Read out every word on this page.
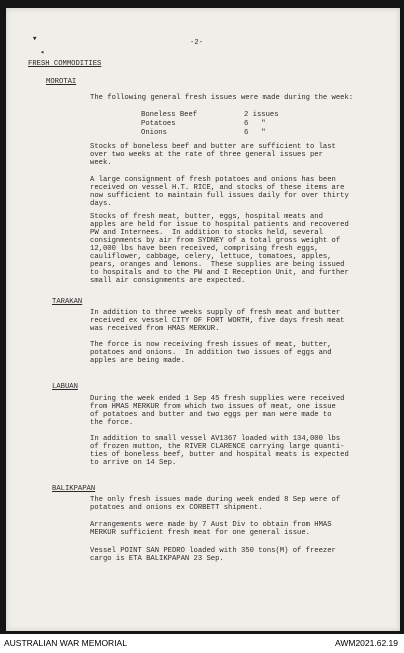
▾
◂
-2-
FRESH COMMODITIES
MOROTAI
The following general fresh issues were made during the week:
Boneless Beef	2 issues
Potatoes	6   "
Onions	6   "
Stocks of boneless beef and butter are sufficient to last
over two weeks at the rate of three general issues per
week.
A large consignment of fresh potatoes and onions has been
received on vessel H.T. RICE, and stocks of these items are
now sufficient to maintain full issues daily for over thirty
days.
Stocks of fresh meat, butter, eggs, hospital meats and
apples are held for issue to hospital patients and recovered
PW and Internees.  In addition to stocks held, several
consignments by air from SYDNEY of a total gross weight of
12,000 lbs have been received, comprising fresh eggs,
cauliflower, cabbage, celery, lettuce, tomatoes, apples,
pears, oranges and lemons.  These supplies are being issued
to hospitals and to the PW and I Reception Unit, and further
small air consignments are expected.
TARAKAN
In addition to three weeks supply of fresh meat and butter
received ex vessel CITY OF FORT WORTH, five days fresh meat
was received from HMAS MERKUR.
The force is now receiving fresh issues of meat, butter,
potatoes and onions.  In addition two issues of eggs and
apples are being made.
LABUAN
During the week ended 1 Sep 45 fresh supplies were received
from HMAS MERKUR from which two issues of meat, one issue
of potatoes and butter and two eggs per man were made to
the force.
In addition to small vessel AV1367 loaded with 134,000 lbs
of frozen mutton, the RIVER CLARENCE carrying large quanti-
ties of boneless beef, butter and hospital meats is expected
to arrive on 14 Sep.
BALIKPAPAN
The only fresh issues made during week ended 8 Sep were of
potatoes and onions ex CORBETT shipment.
Arrangements were made by 7 Aust Div to obtain from HMAS
MERKUR sufficient fresh meat for one general issue.
Vessel POINT SAN PEDRO loaded with 350 tons(M) of freezer
cargo is ETA BALIKPAPAN 23 Sep.
AUSTRALIAN WAR MEMORIAL	AWM2021.62.19
